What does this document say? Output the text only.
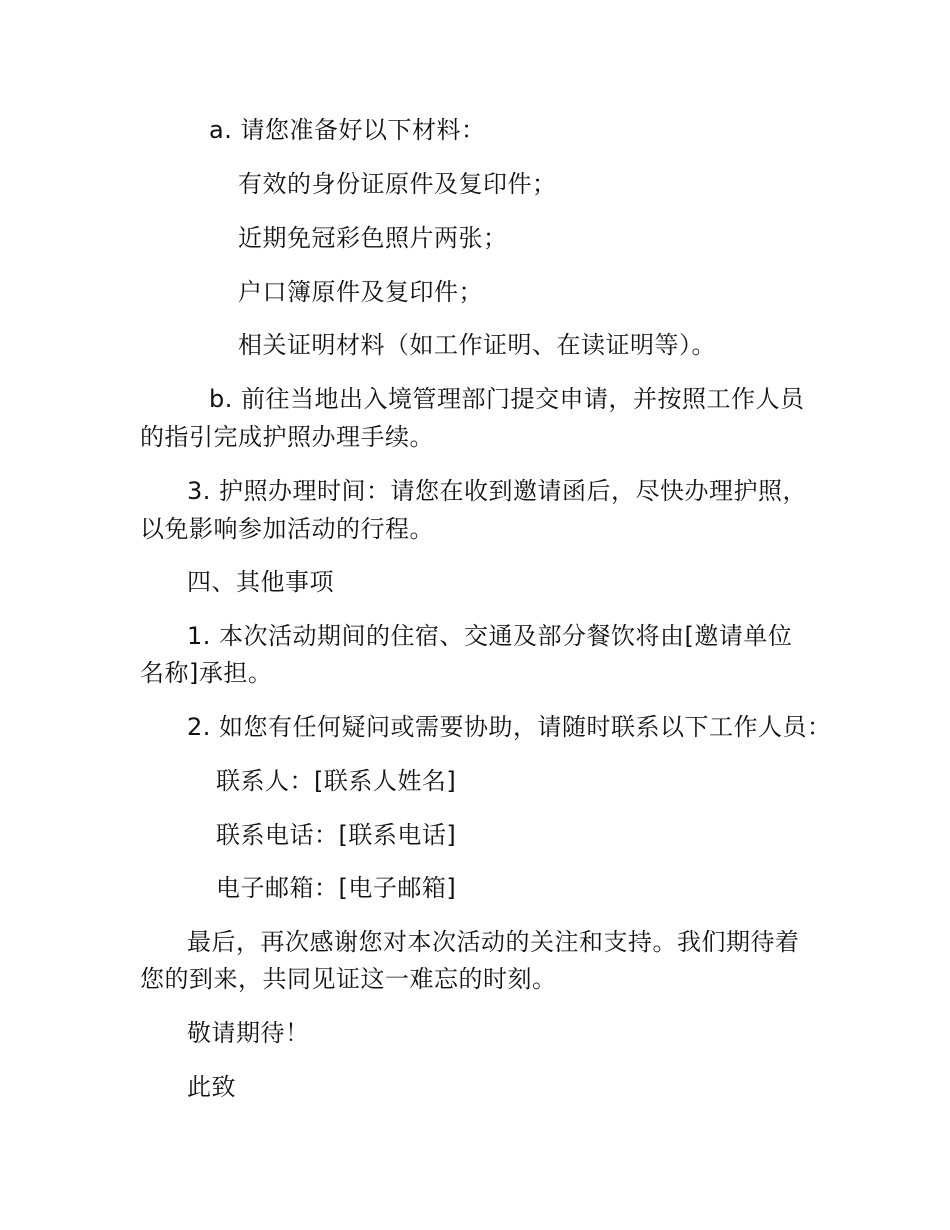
a. 请您准备好以下材料：
有效的身份证原件及复印件；
近期免冠彩色照片两张；
户口簿原件及复印件；
相关证明材料（如工作证明、在读证明等）。
b. 前往当地出入境管理部门提交申请，并按照工作人员
的指引完成护照办理手续。
3. 护照办理时间：请您在收到邀请函后，尽快办理护照，
以免影响参加活动的行程。
四、其他事项
1. 本次活动期间的住宿、交通及部分餐饮将由[邀请单位
名称]承担。
2. 如您有任何疑问或需要协助，请随时联系以下工作人员：
联系人：[联系人姓名]
联系电话：[联系电话]
电子邮箱：[电子邮箱]
最后，再次感谢您对本次活动的关注和支持。我们期待着
您的到来，共同见证这一难忘的时刻。
敬请期待！
此致
